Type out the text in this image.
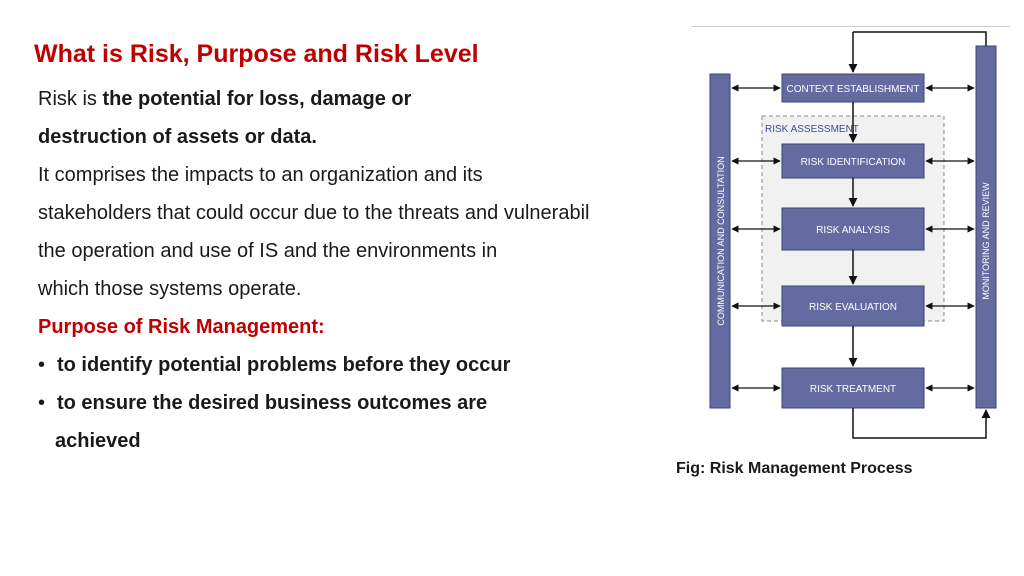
What is Risk, Purpose and Risk Level
Risk is the potential for loss, damage or
destruction of assets or data.
It comprises the impacts to an organization and its
stakeholders that could occur due to the threats and vulnerabil
the operation and use of IS and the environments in
which those systems operate.
Purpose of Risk Management:
• to identify potential problems before they occur
• to ensure the desired business outcomes are
achieved
RISK ASSESSMENT
COMMUNICATION AND CONSULTATION	MONITORING AND REVIEW
CONTEXT ESTABLISHMENT
RISK IDENTIFICATION
RISK ANALYSIS
RISK EVALUATION
RISK TREATMENT
Fig: Risk Management Process
